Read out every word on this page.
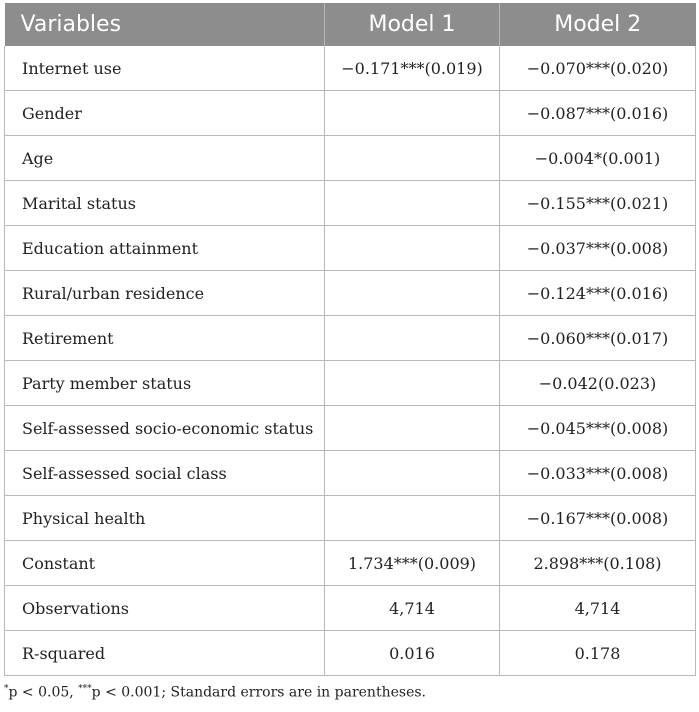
Variables	Model 1	Model 2
Internet use	−0.171***(0.019)	−0.070***(0.020)
Gender		−0.087***(0.016)
Age		−0.004*(0.001)
Marital status		−0.155***(0.021)
Education attainment		−0.037***(0.008)
Rural/urban residence		−0.124***(0.016)
Retirement		−0.060***(0.017)
Party member status		−0.042(0.023)
Self-assessed socio-economic status		−0.045***(0.008)
Self-assessed social class		−0.033***(0.008)
Physical health		−0.167***(0.008)
Constant	1.734***(0.009)	2.898***(0.108)
Observations	4,714	4,714
R-squared	0.016	0.178
*p < 0.05, ***p < 0.001; Standard errors are in parentheses.
